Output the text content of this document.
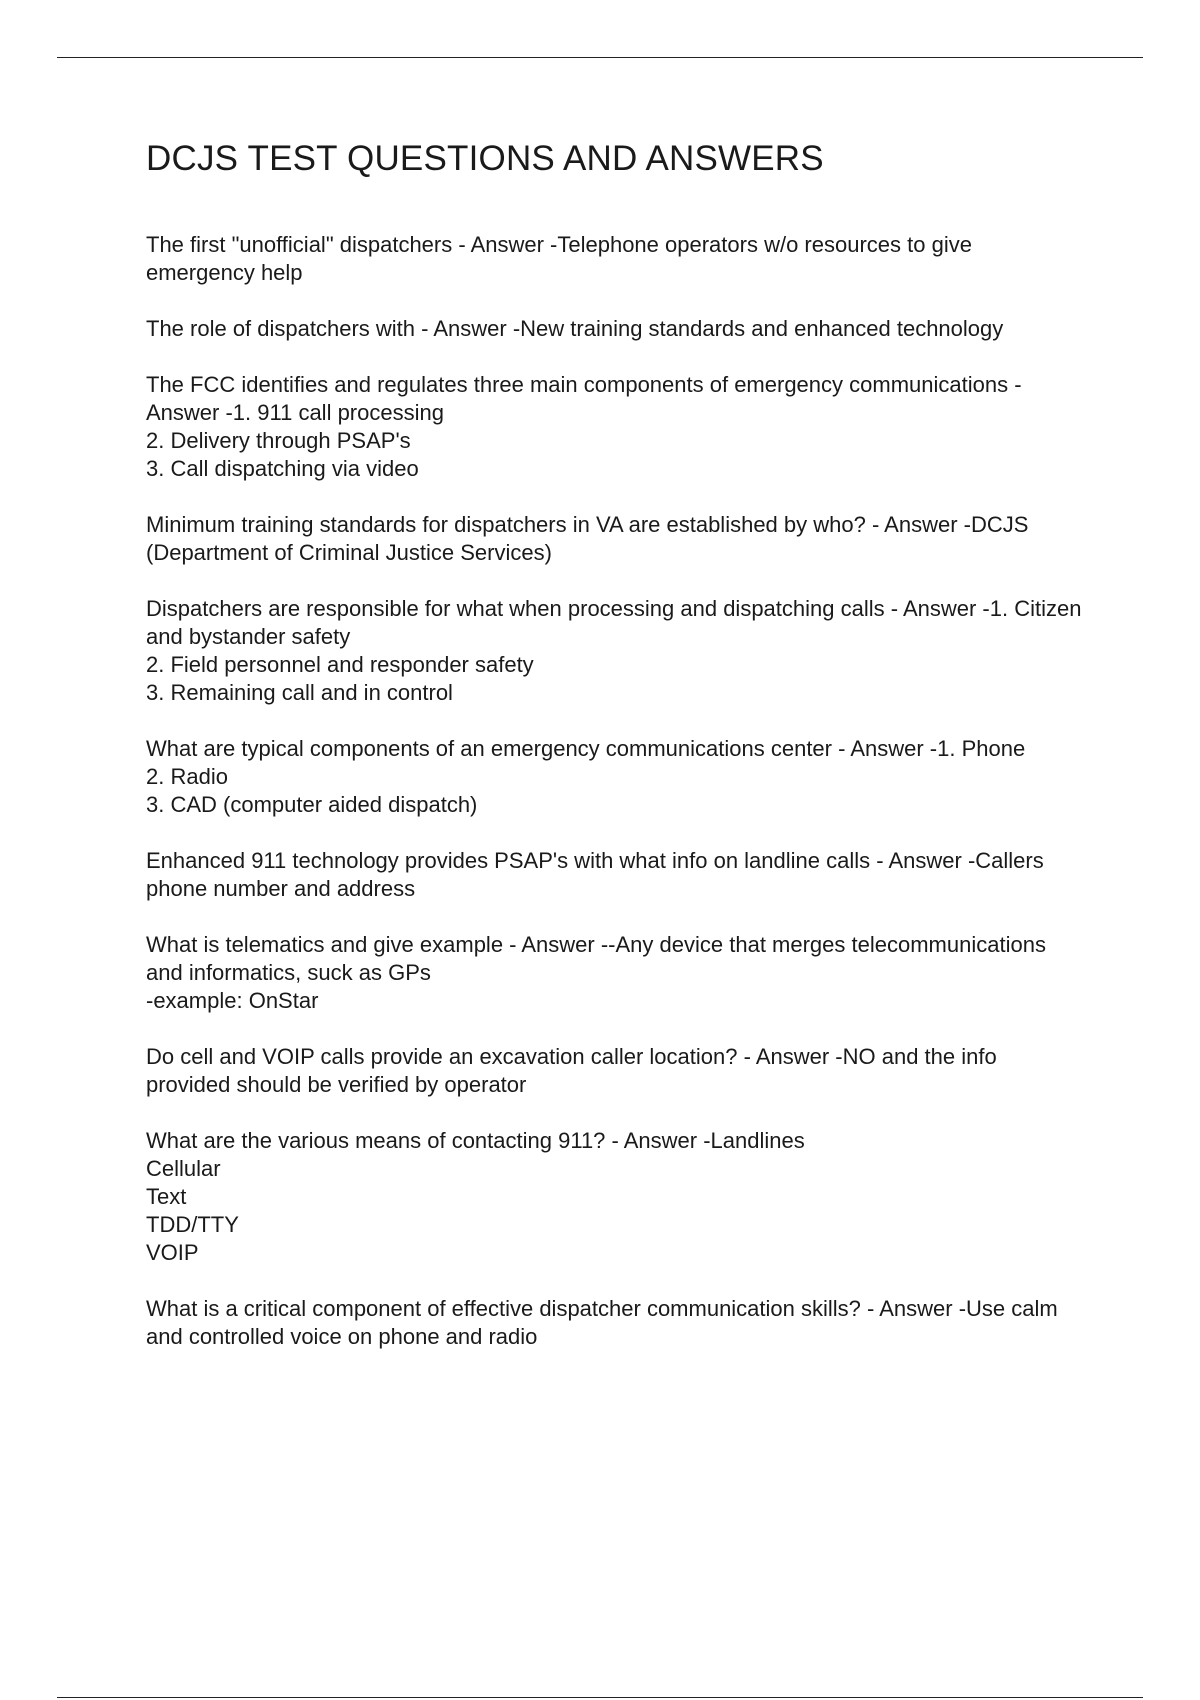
DCJS TEST QUESTIONS AND ANSWERS

The first "unofficial" dispatchers - Answer -Telephone operators w/o resources to give emergency help

The role of dispatchers with - Answer -New training standards and enhanced technology

The FCC identifies and regulates three main components of emergency communications - Answer -1. 911 call processing
2. Delivery through PSAP's
3. Call dispatching via video

Minimum training standards for dispatchers in VA are established by who? - Answer -DCJS (Department of Criminal Justice Services)

Dispatchers are responsible for what when processing and dispatching calls - Answer -1. Citizen and bystander safety
2. Field personnel and responder safety
3. Remaining call and in control

What are typical components of an emergency communications center - Answer -1. Phone
2. Radio
3. CAD (computer aided dispatch)

Enhanced 911 technology provides PSAP's with what info on landline calls - Answer -Callers phone number and address

What is telematics and give example - Answer --Any device that merges telecommunications and informatics, suck as GPs
-example: OnStar

Do cell and VOIP calls provide an excavation caller location? - Answer -NO and the info provided should be verified by operator

What are the various means of contacting 911? - Answer -Landlines
Cellular
Text
TDD/TTY
VOIP

What is a critical component of effective dispatcher communication skills? - Answer -Use calm and controlled voice on phone and radio
